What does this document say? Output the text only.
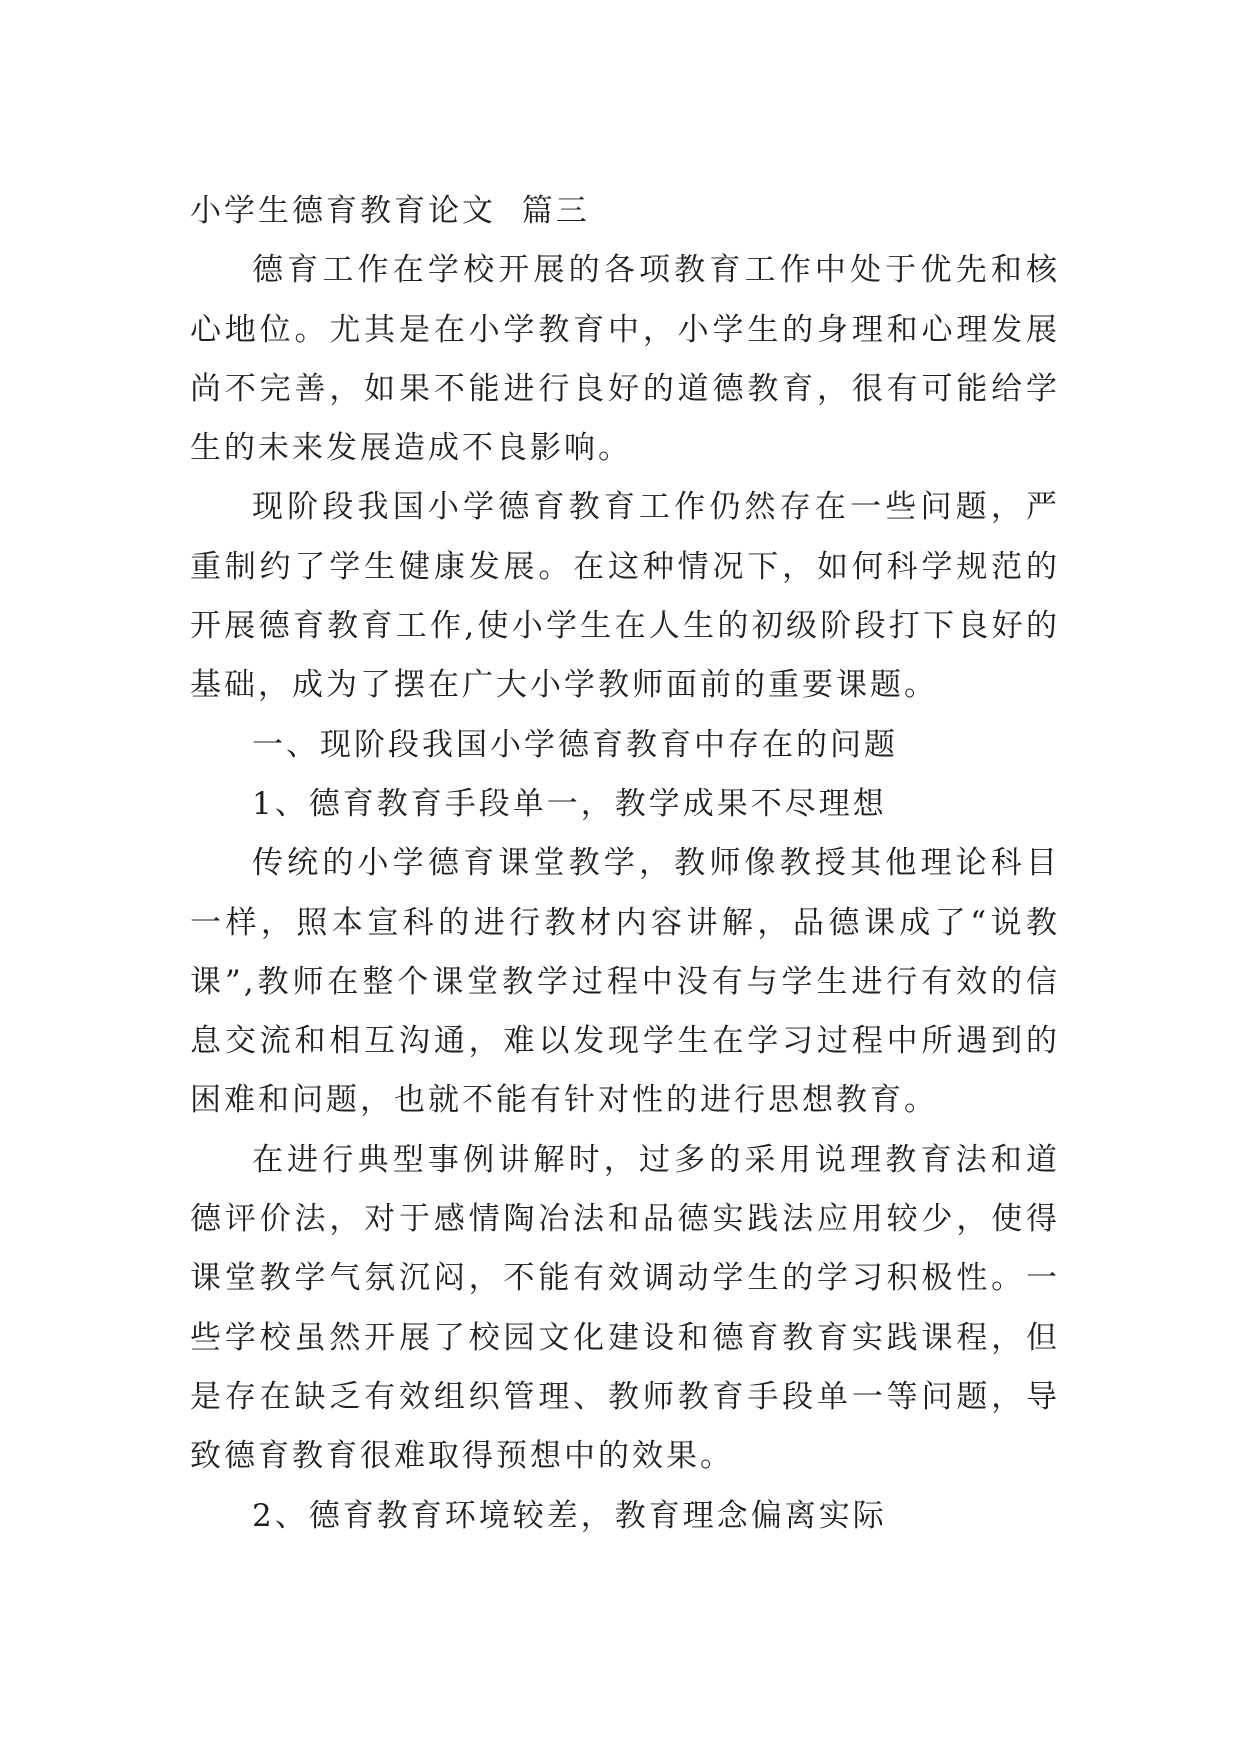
小学生德育教育论文  篇三

德育工作在学校开展的各项教育工作中处于优先和核心地位。尤其是在小学教育中，小学生的身理和心理发展尚不完善，如果不能进行良好的道德教育，很有可能给学生的未来发展造成不良影响。

现阶段我国小学德育教育工作仍然存在一些问题，严重制约了学生健康发展。在这种情况下，如何科学规范的开展德育教育工作,使小学生在人生的初级阶段打下良好的基础，成为了摆在广大小学教师面前的重要课题。

一、现阶段我国小学德育教育中存在的问题

1、德育教育手段单一，教学成果不尽理想

传统的小学德育课堂教学，教师像教授其他理论科目一样，照本宣科的进行教材内容讲解，品德课成了“说教课”,教师在整个课堂教学过程中没有与学生进行有效的信息交流和相互沟通，难以发现学生在学习过程中所遇到的困难和问题，也就不能有针对性的进行思想教育。

在进行典型事例讲解时，过多的采用说理教育法和道德评价法，对于感情陶冶法和品德实践法应用较少，使得课堂教学气氛沉闷，不能有效调动学生的学习积极性。一些学校虽然开展了校园文化建设和德育教育实践课程，但是存在缺乏有效组织管理、教师教育手段单一等问题，导致德育教育很难取得预想中的效果。

2、德育教育环境较差，教育理念偏离实际
